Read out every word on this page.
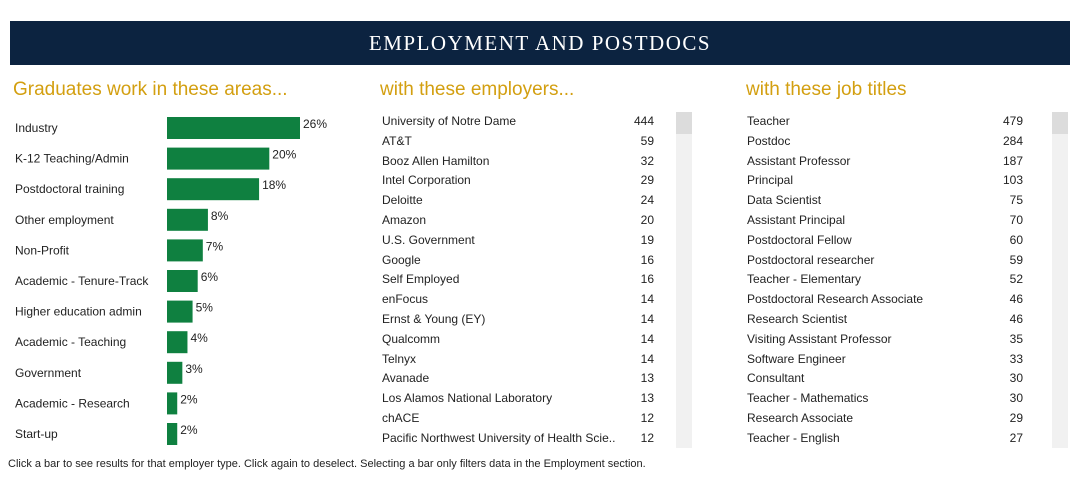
EMPLOYMENT AND POSTDOCS
Graduates work in these areas...	with these employers...	with these job titles
Industry	26%
K-12 Teaching/Admin	20%
Postdoctoral training	18%
Other employment	8%
Non-Profit	7%
Academic - Tenure-Track	6%
Higher education admin	5%
Academic - Teaching	4%
Government	3%
Academic - Research	2%
Start-up	2%
University of Notre Dame	444
AT&T	59
Booz Allen Hamilton	32
Intel Corporation	29
Deloitte	24
Amazon	20
U.S. Government	19
Google	16
Self Employed	16
enFocus	14
Ernst & Young (EY)	14
Qualcomm	14
Telnyx	14
Avanade	13
Los Alamos National Laboratory	13
chACE	12
Pacific Northwest University of Health Scie..	12
Teacher	479
Postdoc	284
Assistant Professor	187
Principal	103
Data Scientist	75
Assistant Principal	70
Postdoctoral Fellow	60
Postdoctoral researcher	59
Teacher - Elementary	52
Postdoctoral Research Associate	46
Research Scientist	46
Visiting Assistant Professor	35
Software Engineer	33
Consultant	30
Teacher - Mathematics	30
Research Associate	29
Teacher - English	27
Click a bar to see results for that employer type. Click again to deselect. Selecting a bar only filters data in the Employment section.
